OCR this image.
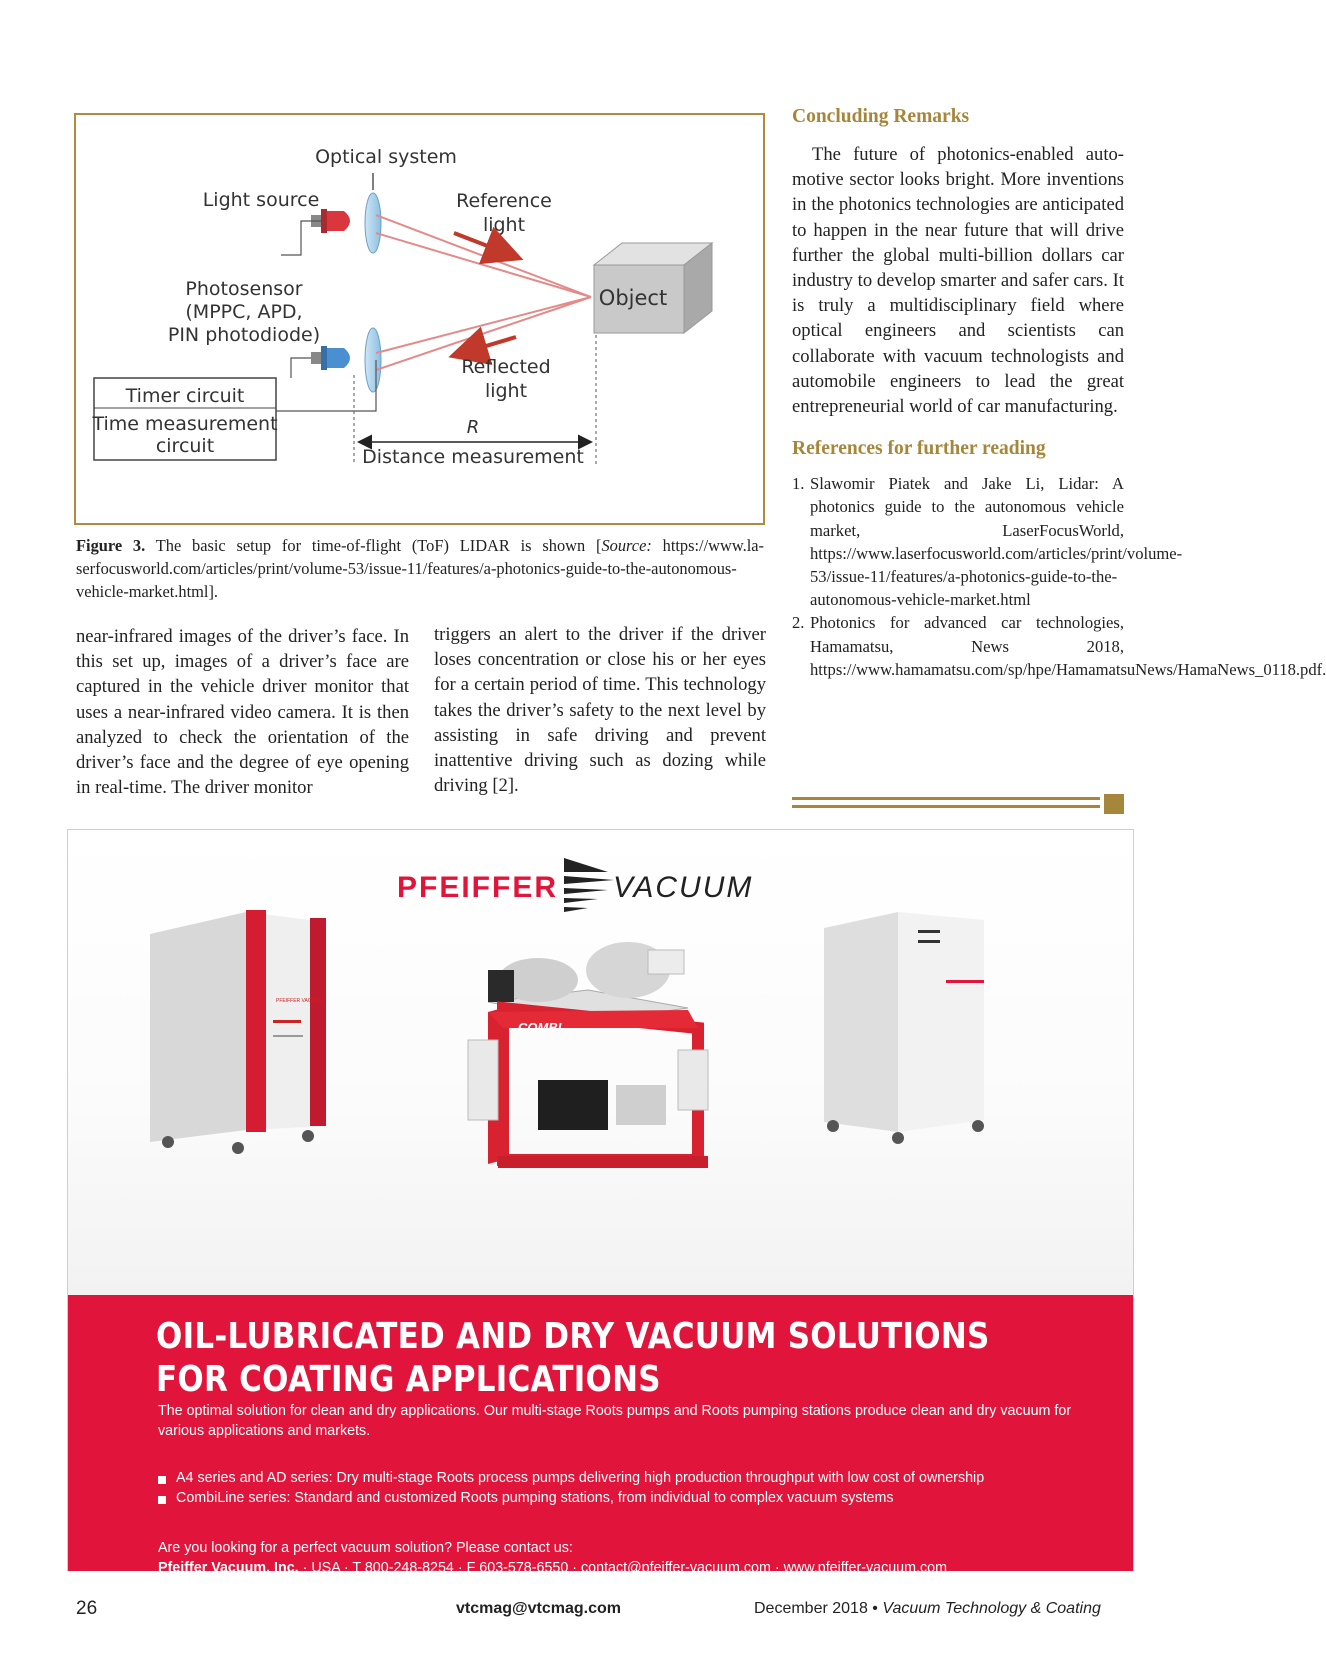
Optical system
Light source	Reference
light
Photosensor
(MPPC, APD,
PIN photodiode)
Object
Reflected
light
Timer circuit
Time measurement
circuit
R
Distance measurement
Figure 3. The basic setup for time-of-flight (ToF) LIDAR is shown [Source: https://www.laserfocusworld.com/articles/print/volume-53/issue-11/features/a-photonics-guide-to-the-autonomous-vehicle-market.html].
near-infrared images of the driver’s face. In this set up, images of a driver’s face are captured in the vehicle driver monitor that uses a near-infrared video camera. It is then analyzed to check the orientation of the driver’s face and the degree of eye opening in real-time. The driver monitor
triggers an alert to the driver if the driver loses concentration or close his or her eyes for a certain period of time. This technology takes the driver’s safety to the next level by assisting in safe driving and prevent inattentive driving such as dozing while driving [2].
Concluding Remarks

The future of photonics-enabled automotive sector looks bright. More inventions in the photonics technologies are anticipated to happen in the near future that will drive further the global multi-billion dollars car industry to develop smarter and safer cars. It is truly a multidisciplinary field where optical engineers and scientists can collaborate with vacuum technologists and automobile engineers to lead the great entrepreneurial world of car manufacturing.

References for further reading
1. Slawomir Piatek and Jake Li, Lidar: A photonics guide to the autonomous vehicle market, LaserFocusWorld, https://www.laserfocusworld.com/articles/print/volume-53/issue-11/features/a-photonics-guide-to-the-autonomous-vehicle-market.html
2. Photonics for advanced car technologies, Hamamatsu, News 2018, https://www.hamamatsu.com/sp/hpe/HamamatsuNews/HamaNews_0118.pdf.
PFEIFFER VACUUM
COMBI
PFEIFFER VACUUM
OIL-LUBRICATED AND DRY VACUUM SOLUTIONS
FOR COATING APPLICATIONS

The optimal solution for clean and dry applications. Our multi-stage Roots pumps and Roots pumping stations produce clean and dry vacuum for various applications and markets.

A4 series and AD series: Dry multi-stage Roots process pumps delivering high production throughput with low cost of ownership
CombiLine series: Standard and customized Roots pumping stations, from individual to complex vacuum systems

Are you looking for a perfect vacuum solution? Please contact us:
Pfeiffer Vacuum, Inc. · USA · T 800-248-8254 · F 603-578-6550 · contact@pfeiffer-vacuum.com · www.pfeiffer-vacuum.com

26	vtcmag@vtcmag.com	December 2018 • Vacuum Technology & Coating
